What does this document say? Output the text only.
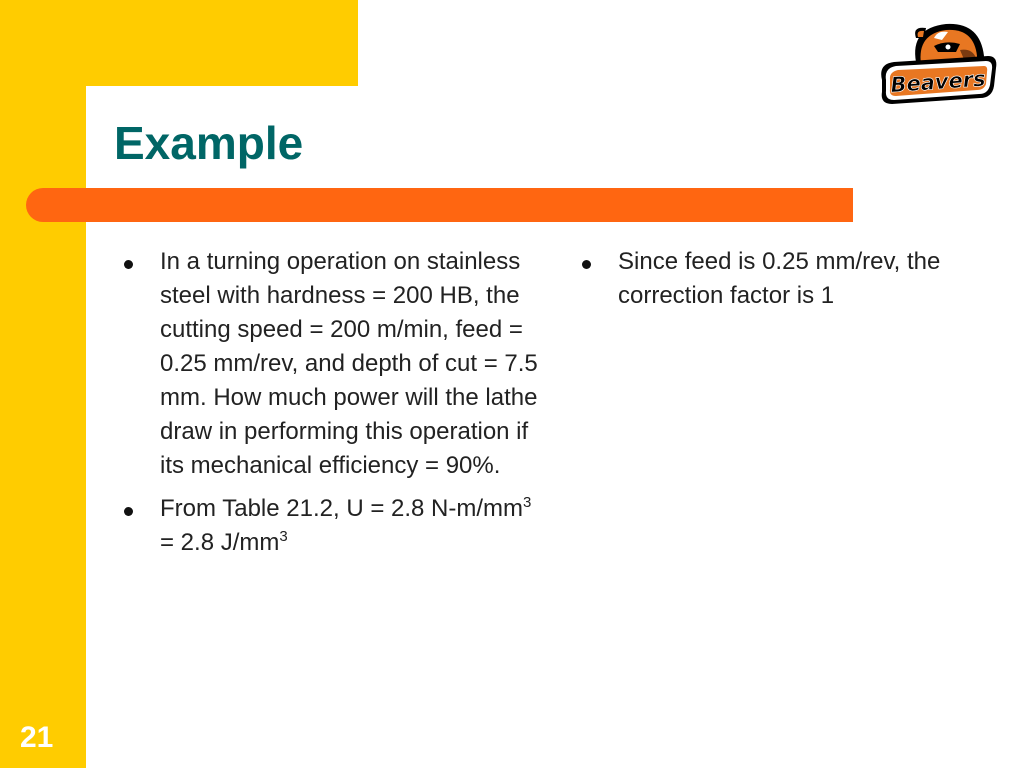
Example
Beavers
In a turning operation on stainless steel with hardness = 200 HB, the cutting speed = 200 m/min, feed = 0.25 mm/rev, and depth of cut = 7.5 mm. How much power will the lathe draw in performing this operation if its mechanical efficiency = 90%.
From Table 21.2, U = 2.8 $N-m/mm^3 = 2.8$ $J/mm^3$
Since feed is 0.25 mm/rev, the correction factor is 1
21
